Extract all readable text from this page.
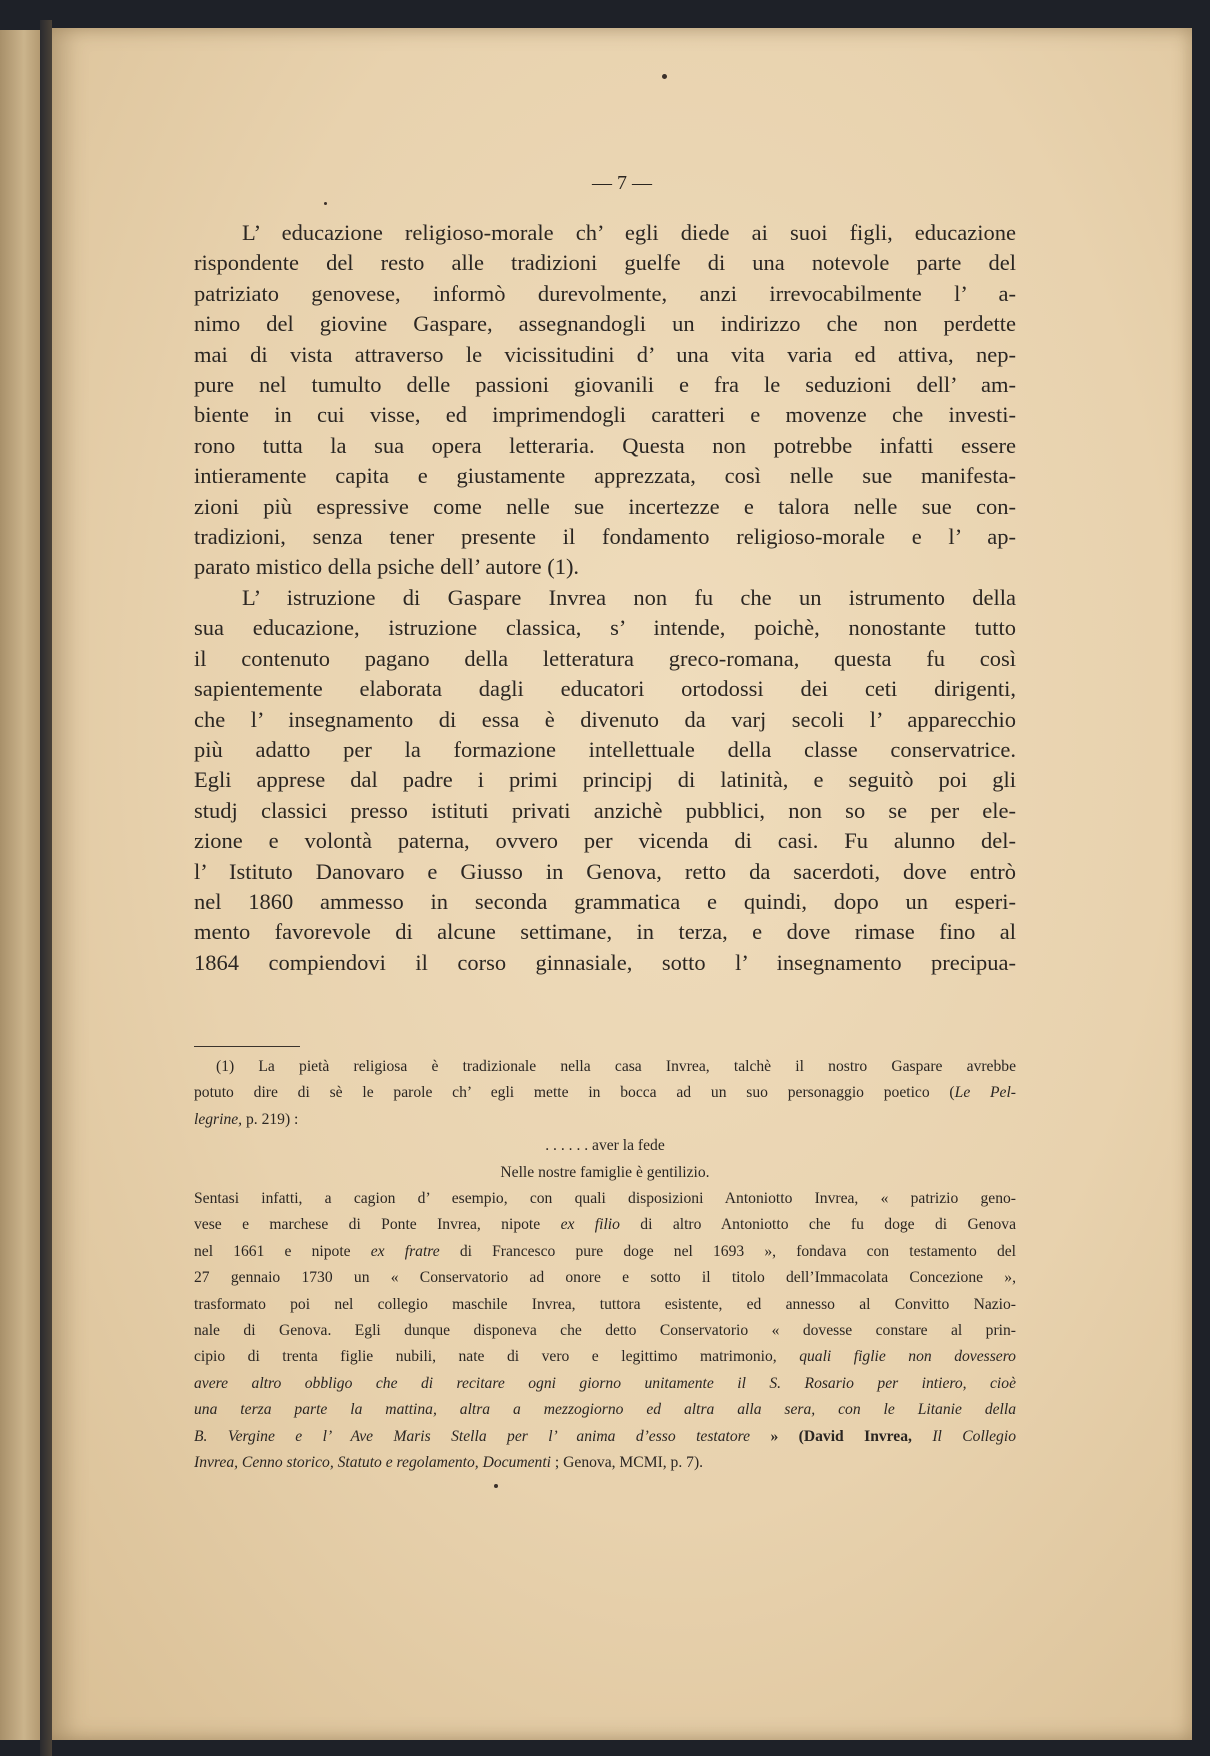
— 7 —

L’ educazione religioso-morale ch’ egli diede ai suoi figli, educazione

rispondente del resto alle tradizioni guelfe di una notevole parte del

patriziato genovese, informò durevolmente, anzi irrevocabilmente l’ a-

nimo del giovine Gaspare, assegnandogli un indirizzo che non perdette

mai di vista attraverso le vicissitudini d’ una vita varia ed attiva, nep-

pure nel tumulto delle passioni giovanili e fra le seduzioni dell’ am-

biente in cui visse, ed imprimendogli caratteri e movenze che investi-

rono tutta la sua opera letteraria. Questa non potrebbe infatti essere

intieramente capita e giustamente apprezzata, così nelle sue manifesta-

zioni più espressive come nelle sue incertezze e talora nelle sue con-

tradizioni, senza tener presente il fondamento religioso-morale e l’ ap-

parato mistico della psiche dell’ autore (1).

L’ istruzione di Gaspare Invrea non fu che un istrumento della

sua educazione, istruzione classica, s’ intende, poichè, nonostante tutto

il contenuto pagano della letteratura greco-romana, questa fu così

sapientemente elaborata dagli educatori ortodossi dei ceti dirigenti,

che l’ insegnamento di essa è divenuto da varj secoli l’ apparecchio

più adatto per la formazione intellettuale della classe conservatrice.

Egli apprese dal padre i primi principj di latinità, e seguitò poi gli

studj classici presso istituti privati anzichè pubblici, non so se per ele-

zione e volontà paterna, ovvero per vicenda di casi. Fu alunno del-

l’ Istituto Danovaro e Giusso in Genova, retto da sacerdoti, dove entrò

nel 1860 ammesso in seconda grammatica e quindi, dopo un esperi-

mento favorevole di alcune settimane, in terza, e dove rimase fino al

1864 compiendovi il corso ginnasiale, sotto l’ insegnamento precipua-

(1) La pietà religiosa è tradizionale nella casa Invrea, talchè il nostro Gaspare avrebbe

potuto dire di sè le parole ch’ egli mette in bocca ad un suo personaggio poetico (Le Pel-

legrine, p. 219) :

. . . . . . aver la fede

Nelle nostre famiglie è gentilizio.

Sentasi infatti, a cagion d’ esempio, con quali disposizioni Antoniotto Invrea, « patrizio geno-

vese e marchese di Ponte Invrea, nipote ex filio di altro Antoniotto che fu doge di Genova

nel 1661 e nipote ex fratre di Francesco pure doge nel 1693 », fondava con testamento del

27 gennaio 1730 un « Conservatorio ad onore e sotto il titolo dell’Immacolata Concezione »,

trasformato poi nel collegio maschile Invrea, tuttora esistente, ed annesso al Convitto Nazio-

nale di Genova. Egli dunque disponeva che detto Conservatorio « dovesse constare al prin-

cipio di trenta figlie nubili, nate di vero e legittimo matrimonio, quali figlie non dovessero

avere altro obbligo che di recitare ogni giorno unitamente il S. Rosario per intiero, cioè

una terza parte la mattina, altra a mezzogiorno ed altra alla sera, con le Litanie della

B. Vergine e l’ Ave Maris Stella per l’ anima d’esso testatore » (David Invrea, Il Collegio

Invrea, Cenno storico, Statuto e regolamento, Documenti ; Genova, MCMI, p. 7).
